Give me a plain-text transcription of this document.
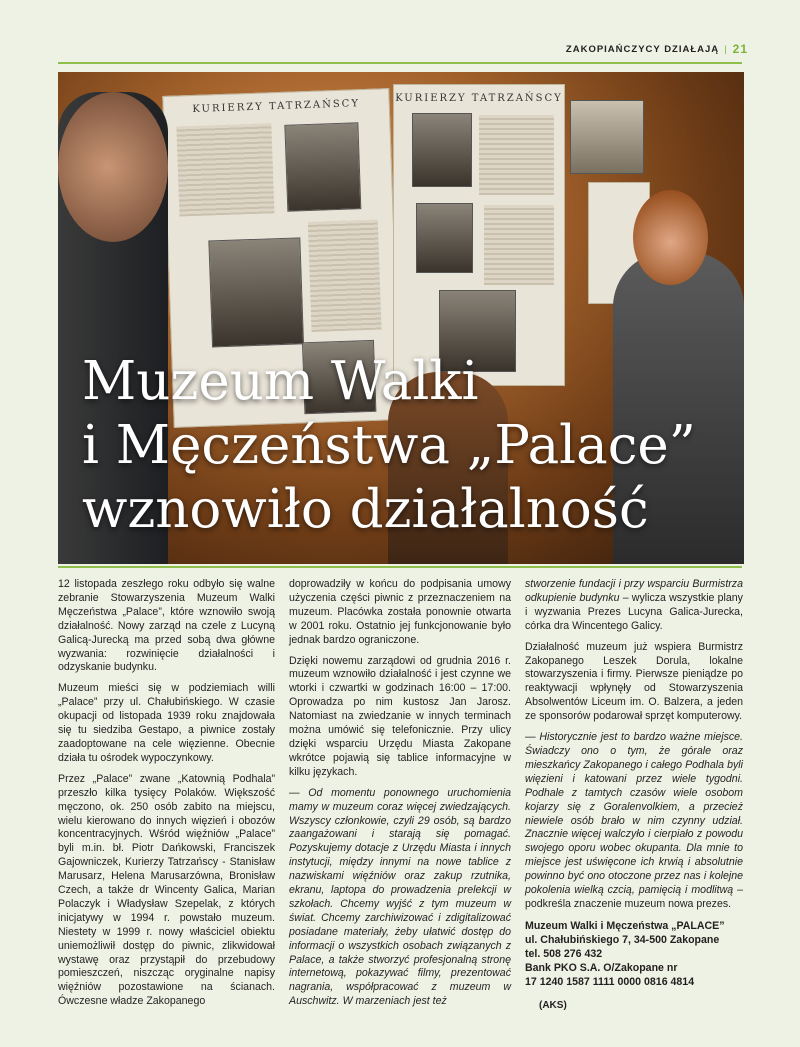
ZAKOPIAŃCZYCY DZIAŁAJĄ | 21
KURIERZY TATRZAŃSCY	KURIERZY TATRZAŃSCY
Muzeum Walki
i Męczeństwa „Palace”
wznowiło działalność

12 listopada zeszłego roku odbyło się walne zebranie Stowarzyszenia Muzeum Walki Męczeństwa „Palace”, które wznowiło swoją działalność. Nowy zarząd na czele z Lucyną Galicą-Jurecką ma przed sobą dwa główne wyzwania: rozwinięcie działalności i odzyskanie budynku.

Muzeum mieści się w podziemiach willi „Palace” przy ul. Chałubińskiego. W czasie okupacji od listopada 1939 roku znajdowała się tu siedziba Gestapo, a piwnice zostały zaadoptowane na cele więzienne. Obecnie działa tu ośrodek wypoczynkowy.

Przez „Palace” zwane „Katownią Podhala” przeszło kilka tysięcy Polaków. Większość męczono, ok. 250 osób zabito na miejscu, wielu kierowano do innych więzień i obozów koncentracyjnych. Wśród więźniów „Palace” byli m.in. bł. Piotr Dańkowski, Franciszek Gajowniczek, Kurierzy Tatrzańscy - Stanisław Marusarz, Helena Marusarzówna, Bronisław Czech, a także dr Wincenty Galica, Marian Polaczyk i Władysław Szepelak, z których inicjatywy w 1994 r. powstało muzeum. Niestety w 1999 r. nowy właściciel obiektu uniemożliwił dostęp do piwnic, zlikwidował wystawę oraz przystąpił do przebudowy pomieszczeń, niszcząc oryginalne napisy więźniów pozostawione na ścianach. Ówczesne władze Zakopanego

doprowadziły w końcu do podpisania umowy użyczenia części piwnic z przeznaczeniem na muzeum. Placówka została ponownie otwarta w 2001 roku. Ostatnio jej funkcjonowanie było jednak bardzo ograniczone.

Dzięki nowemu zarządowi od grudnia 2016 r. muzeum wznowiło działalność i jest czynne we wtorki i czwartki w godzinach 16:00 – 17:00. Oprowadza po nim kustosz Jan Jarosz. Natomiast na zwiedzanie w innych terminach można umówić się telefonicznie. Przy ulicy dzięki wsparciu Urzędu Miasta Zakopane wkrótce pojawią się tablice informacyjne w kilku językach.

— Od momentu ponownego uruchomienia mamy w muzeum coraz więcej zwiedzających. Wszyscy członkowie, czyli 29 osób, są bardzo zaangażowani i starają się pomagać. Pozyskujemy dotacje z Urzędu Miasta i innych instytucji, między innymi na nowe tablice z nazwiskami więźniów oraz zakup rzutnika, ekranu, laptopa do prowadzenia prelekcji w szkołach. Chcemy wyjść z tym muzeum w świat. Chcemy zarchiwizować i zdigitalizować posiadane materiały, żeby ułatwić dostęp do informacji o wszystkich osobach związanych z Palace, a także stworzyć profesjonalną stronę internetową, pokazywać filmy, prezentować nagrania, współpracować z muzeum w Auschwitz. W marzeniach jest też

stworzenie fundacji i przy wsparciu Burmistrza odkupienie budynku – wylicza wszystkie plany i wyzwania Prezes Lucyna Galica-Jurecka, córka dra Wincentego Galicy.

Działalność muzeum już wspiera Burmistrz Zakopanego Leszek Dorula, lokalne stowarzyszenia i firmy. Pierwsze pieniądze po reaktywacji wpłynęły od Stowarzyszenia Absolwentów Liceum im. O. Balzera, a jeden ze sponsorów podarował sprzęt komputerowy.

— Historycznie jest to bardzo ważne miejsce. Świadczy ono o tym, że górale oraz mieszkańcy Zakopanego i całego Podhala byli więzieni i katowani przez wiele tygodni. Podhale z tamtych czasów wiele osobom kojarzy się z Goralenvolkiem, a przecież niewiele osób brało w nim czynny udział. Znacznie więcej walczyło i cierpiało z powodu swojego oporu wobec okupanta. Dla mnie to miejsce jest uświęcone ich krwią i absolutnie powinno być ono otoczone przez nas i kolejne pokolenia wielką czcią, pamięcią i modlitwą – podkreśla znaczenie muzeum nowa prezes.

Muzeum Walki i Męczeństwa „PALACE”
ul. Chałubińskiego 7, 34-500 Zakopane
tel. 508 276 432
Bank PKO S.A. O/Zakopane nr
17 1240 1587 1111 0000 0816 4814
(AKS)
